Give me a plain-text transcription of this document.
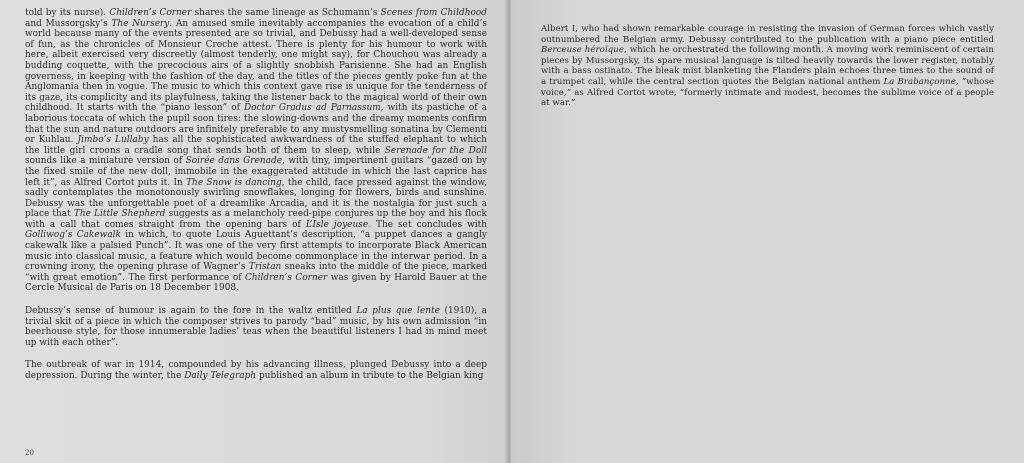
told by its nurse). Children’s Corner shares the same lineage as Schumann’s Scenes from Childhood and Mussorgsky’s The Nursery. An amused smile inevitably accompanies the evocation of a child’s world because many of the events presented are so trivial, and Debussy had a well-developed sense of fun, as the chronicles of Monsieur Croche attest. There is plenty for his humour to work with here, albeit exercised very discreetly (almost tenderly, one might say), for Chouchou was already a budding coquette, with the precocious airs of a slightly snobbish Parisienne. She had an English governess, in keeping with the fashion of the day, and the titles of the pieces gently poke fun at the Anglomania then in vogue. The music to which this context gave rise is unique for the tenderness of its gaze, its complicity and its playfulness, taking the listener back to the magical world of their own childhood. It starts with the “piano lesson” of Doctor Gradus ad Parnassum, with its pastiche of a laborious toccata of which the pupil soon tires: the slowing-downs and the dreamy moments confirm that the sun and nature outdoors are infinitely preferable to any mustysmelling sonatina by Clementi or Kuhlau. Jimbo’s Lullaby has all the sophisticated awkwardness of the stuffed elephant to which the little girl croons a cradle song that sends both of them to sleep, while Serenade for the Doll sounds like a miniature version of Soirée dans Grenade, with tiny, impertinent guitars “gazed on by the fixed smile of the new doll, immobile in the exaggerated attitude in which the last caprice has left it”, as Alfred Cortot puts it. In The Snow is dancing, the child, face pressed against the window, sadly contemplates the monotonously swirling snowflakes, longing for flowers, birds and sunshine. Debussy was the unforgettable poet of a dreamlike Arcadia, and it is the nostalgia for just such a place that The Little Shepherd suggests as a melancholy reed-pipe conjures up the boy and his flock with a call that comes straight from the opening bars of L’Isle joyeuse. The set concludes with Golliwog’s Cakewalk in which, to quote Louis Aguettant’s description, “a puppet dances a gangly cakewalk like a palsied Punch”. It was one of the very first attempts to incorporate Black American music into classical music, a feature which would become commonplace in the interwar period. In a crowning irony, the opening phrase of Wagner’s Tristan sneaks into the middle of the piece, marked “with great emotion”. The first performance of Children’s Corner was given by Harold Bauer at the Cercle Musical de Paris on 18 December 1908.

Debussy’s sense of humour is again to the fore in the waltz entitled La plus que lente (1910), a trivial skit of a piece in which the composer strives to parody “bad” music, by his own admission “in beerhouse style, for those innumerable ladies’ teas when the beautiful listeners I had in mind meet up with each other”.

The outbreak of war in 1914, compounded by his advancing illness, plunged Debussy into a deep depression. During the winter, the Daily Telegraph published an album in tribute to the Belgian king

20

Albert I, who had shown remarkable courage in resisting the invasion of German forces which vastly outnumbered the Belgian army. Debussy contributed to the publication with a piano piece entitled Berceuse héroïque, which he orchestrated the following month. A moving work reminiscent of certain pieces by Mussorgsky, its spare musical language is tilted heavily towards the lower register, notably with a bass ostinato. The bleak mist blanketing the Flanders plain echoes three times to the sound of a trumpet call, while the central section quotes the Belgian national anthem La Brabançonne, “whose voice,” as Alfred Cortot wrote, “formerly intimate and modest, becomes the sublime voice of a people at war.”
